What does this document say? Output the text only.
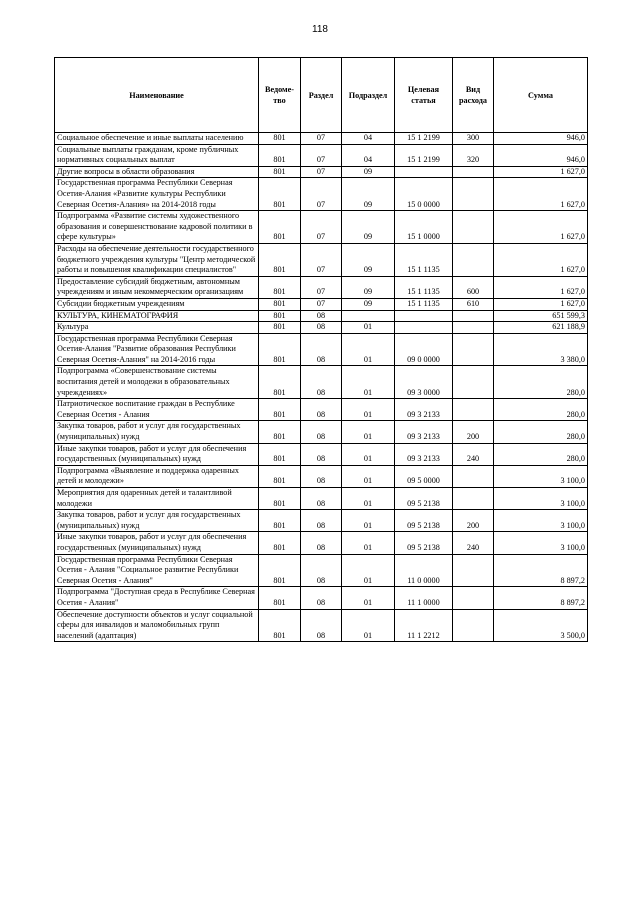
118
Наименование	Ведоме-тво	Раздел	Подраздел	Целевая статья	Вид расхода	Сумма
Социальное обеспечение и иные выплаты населению	801	07	04	15 1 2199	300	946,0
Социальные выплаты гражданам, кроме публичных нормативных социальных выплат	801	07	04	15 1 2199	320	946,0
Другие вопросы в области образования	801	07	09			1 627,0
Государственная программа Республики Северная Осетия-Алания «Развитие культуры Республики Северная Осетия-Алания» на 2014-2018 годы	801	07	09	15 0 0000		1 627,0
Подпрограмма «Развитие системы художественного образования и совершенствование кадровой политики в сфере культуры»	801	07	09	15 1 0000		1 627,0
Расходы на обеспечение деятельности государственного бюджетного учреждения культуры "Центр методической работы и повышения квалификации специалистов"	801	07	09	15 1 1135		1 627,0
Предоставление субсидий бюджетным, автономным учреждениям и иным некоммерческим организациям	801	07	09	15 1 1135	600	1 627,0
Субсидии бюджетным учреждениям	801	07	09	15 1 1135	610	1 627,0
КУЛЬТУРА, КИНЕМАТОГРАФИЯ	801	08				651 599,3
Культура	801	08	01			621 188,9
Государственная программа Республики Северная Осетия-Алания "Развитие образования Республики Северная Осетия-Алания" на 2014-2016 годы	801	08	01	09 0 0000		3 380,0
Подпрограмма «Совершенствование системы воспитания детей и молодежи в образовательных учреждениях»	801	08	01	09 3 0000		280,0
Патриотическое воспитание граждан в Республике Северная Осетия - Алания	801	08	01	09 3 2133		280,0
Закупка товаров, работ и услуг для государственных (муниципальных) нужд	801	08	01	09 3 2133	200	280,0
Иные закупки товаров, работ и услуг для обеспечения государственных (муниципальных) нужд	801	08	01	09 3 2133	240	280,0
Подпрограмма «Выявление и поддержка одаренных детей и молодежи»	801	08	01	09 5 0000		3 100,0
Мероприятия для одаренных детей и талантливой молодежи	801	08	01	09 5 2138		3 100,0
Закупка товаров, работ и услуг для государственных (муниципальных) нужд	801	08	01	09 5 2138	200	3 100,0
Иные закупки товаров, работ и услуг для обеспечения государственных (муниципальных) нужд	801	08	01	09 5 2138	240	3 100,0
Государственная программа Республики Северная Осетия - Алания "Социальное развитие Республики Северная Осетия - Алания"	801	08	01	11 0 0000		8 897,2
Подпрограмма "Доступная среда в Республике Северная Осетия - Алания"	801	08	01	11 1 0000		8 897,2
Обеспечение доступности объектов и услуг социальной сферы для инвалидов и маломобильных групп населений (адаптация)	801	08	01	11 1 2212		3 500,0
